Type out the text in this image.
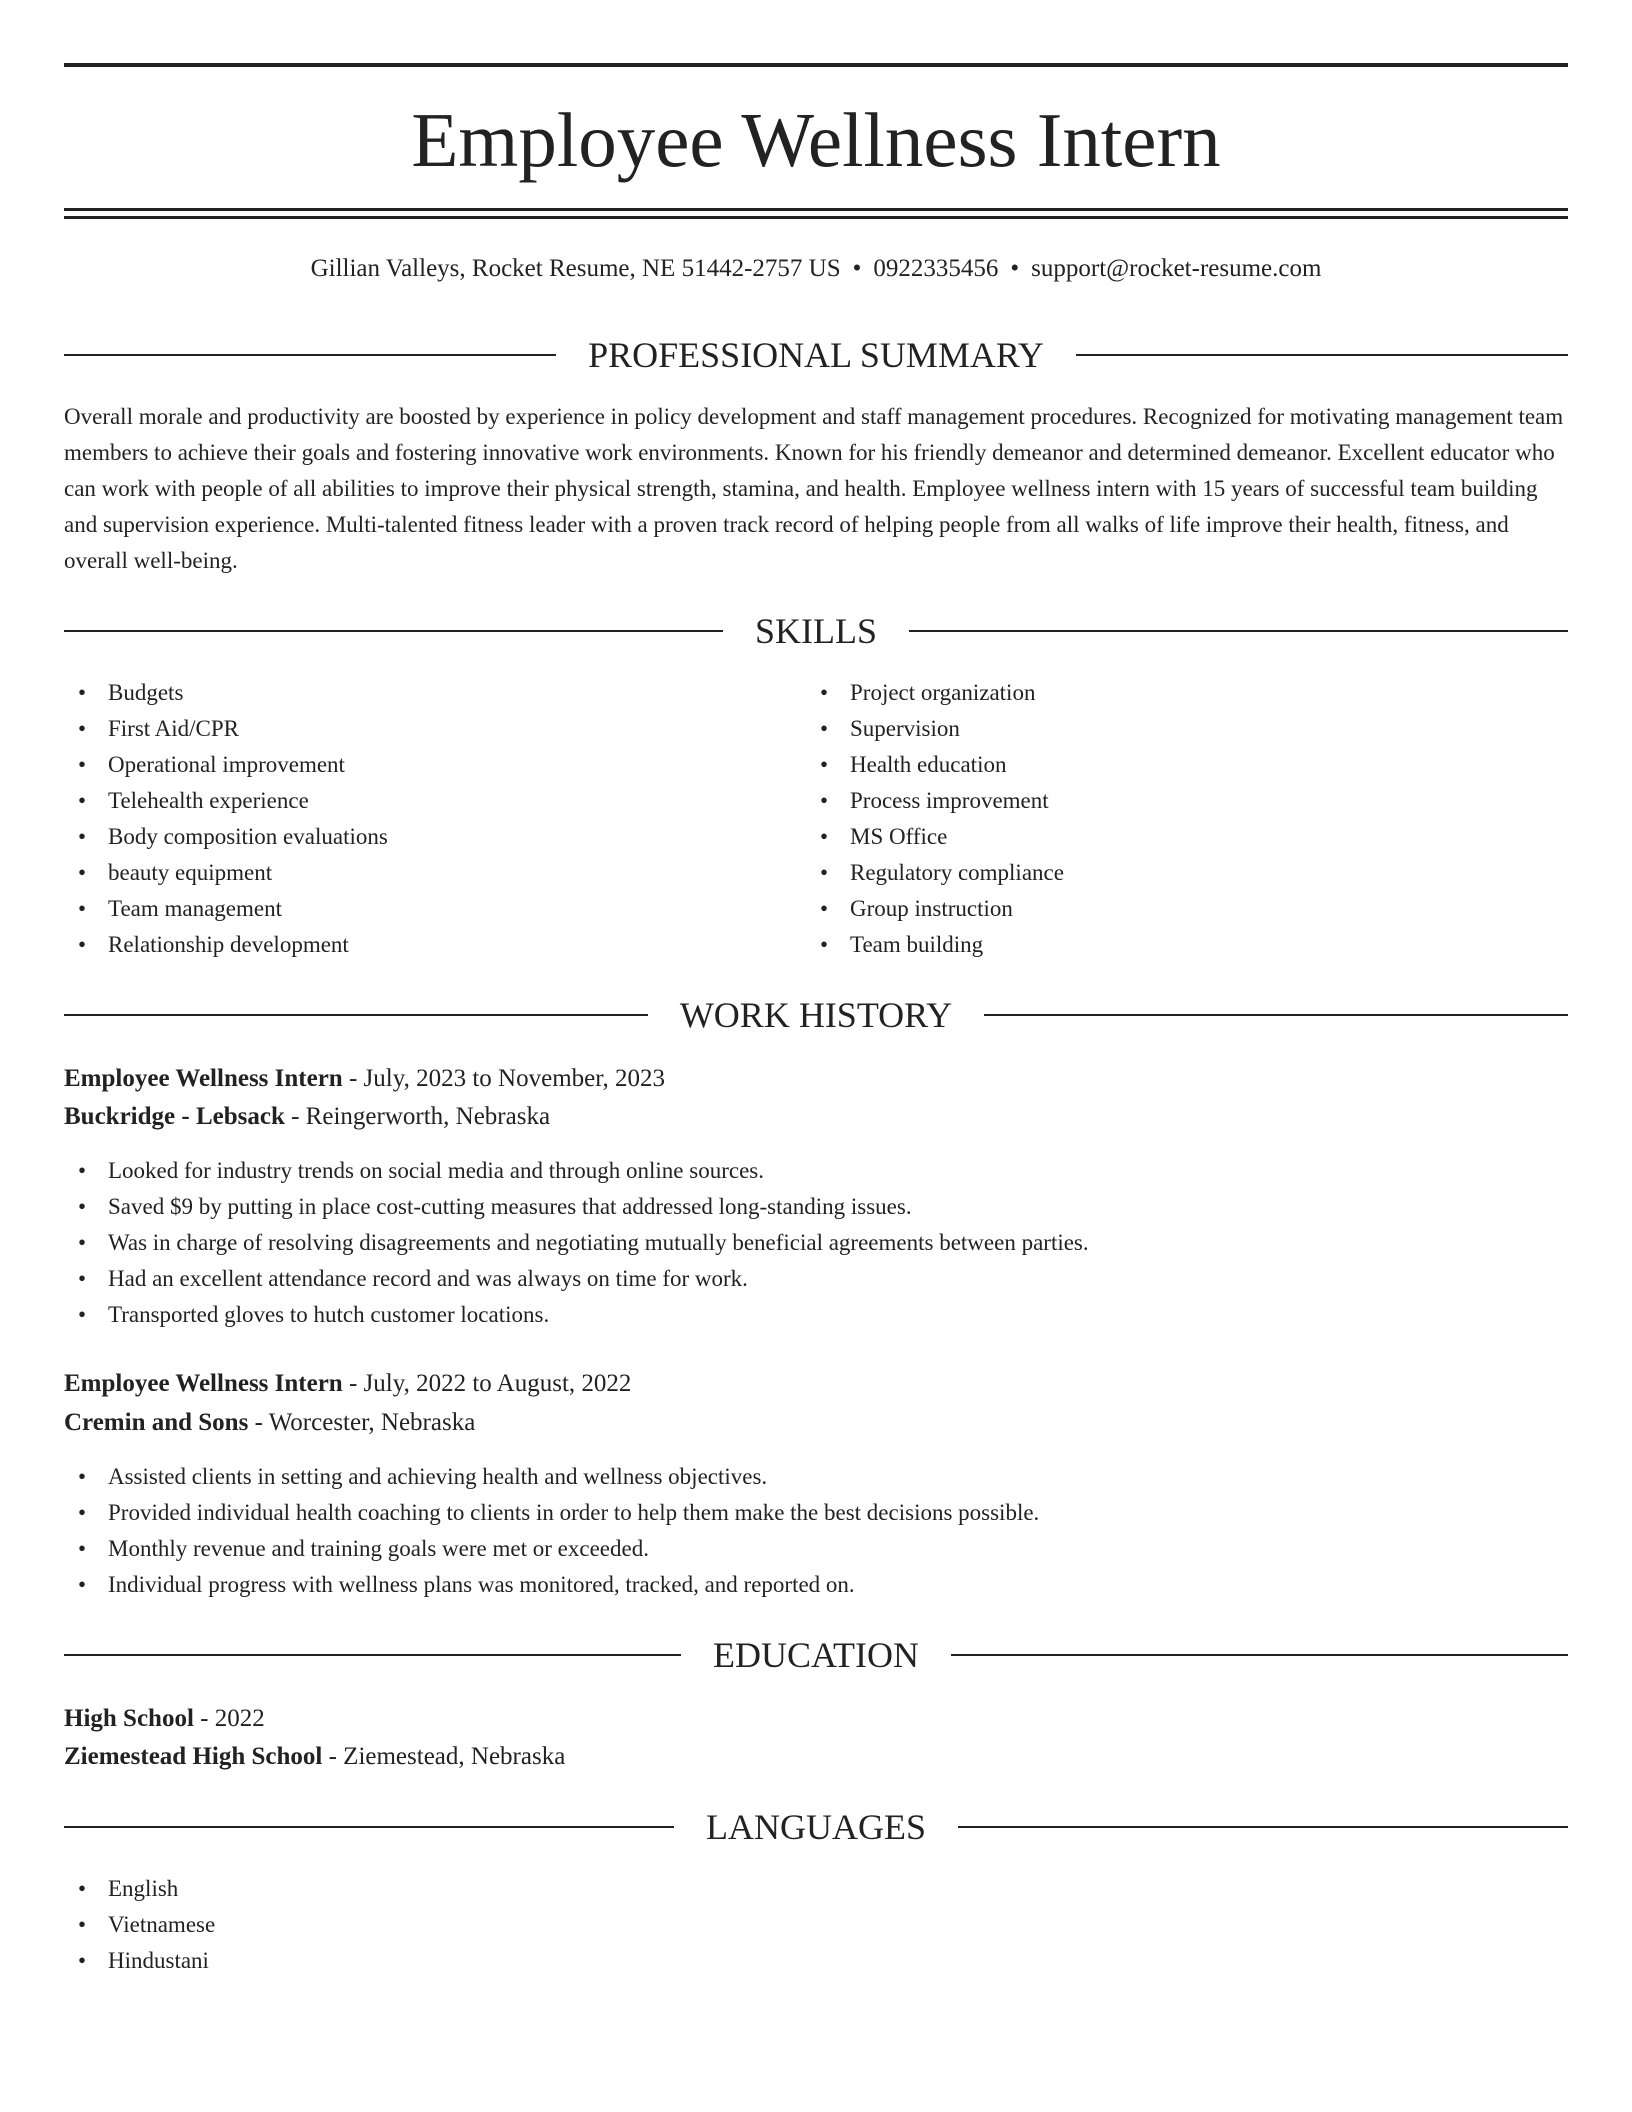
Employee Wellness Intern
Gillian Valleys, Rocket Resume, NE 51442-2757 US • 0922335456 • support@rocket-resume.com
PROFESSIONAL SUMMARY

Overall morale and productivity are boosted by experience in policy development and staff management procedures. Recognized for motivating management team members to achieve their goals and fostering innovative work environments. Known for his friendly demeanor and determined demeanor. Excellent educator who can work with people of all abilities to improve their physical strength, stamina, and health. Employee wellness intern with 15 years of successful team building and supervision experience. Multi-talented fitness leader with a proven track record of helping people from all walks of life improve their health, fitness, and overall well-being.

SKILLS
• Budgets
• First Aid/CPR
• Operational improvement
• Telehealth experience
• Body composition evaluations
• beauty equipment
• Team management
• Relationship development
• Project organization
• Supervision
• Health education
• Process improvement
• MS Office
• Regulatory compliance
• Group instruction
• Team building
WORK HISTORY
Employee Wellness Intern - July, 2023 to November, 2023
Buckridge - Lebsack - Reingerworth, Nebraska
• Looked for industry trends on social media and through online sources.
• Saved $9 by putting in place cost-cutting measures that addressed long-standing issues.
• Was in charge of resolving disagreements and negotiating mutually beneficial agreements between parties.
• Had an excellent attendance record and was always on time for work.
• Transported gloves to hutch customer locations.
Employee Wellness Intern - July, 2022 to August, 2022
Cremin and Sons - Worcester, Nebraska
• Assisted clients in setting and achieving health and wellness objectives.
• Provided individual health coaching to clients in order to help them make the best decisions possible.
• Monthly revenue and training goals were met or exceeded.
• Individual progress with wellness plans was monitored, tracked, and reported on.
EDUCATION
High School - 2022
Ziemestead High School - Ziemestead, Nebraska
LANGUAGES
• English
• Vietnamese
• Hindustani
